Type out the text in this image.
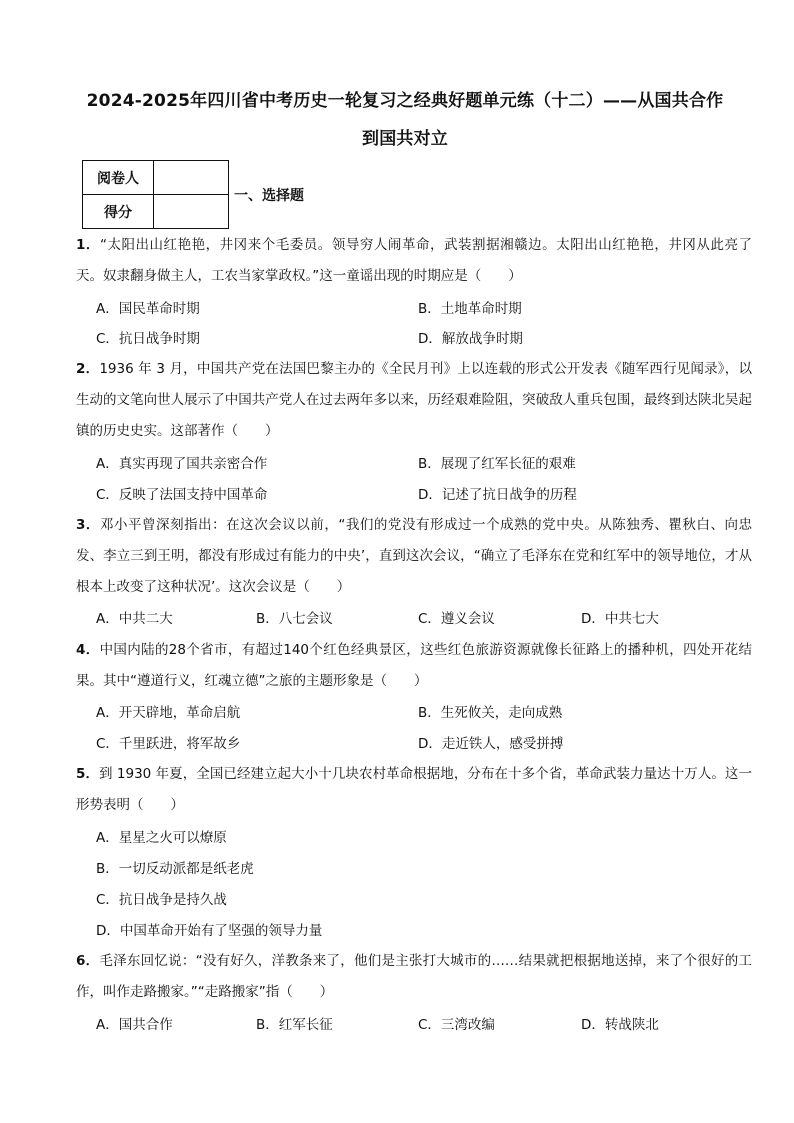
2024-2025年四川省中考历史一轮复习之经典好题单元练（十二）——从国共合作
到国共对立
阅卷人	
得分	
一、选择题
1．“太阳出山红艳艳，井冈来个毛委员。领导穷人闹革命，武装割据湘赣边。太阳出山红艳艳，井冈从此亮了天。奴隶翻身做主人，工农当家掌政权。”这一童谣出现的时期应是（　　）
A．国民革命时期	B．土地革命时期
C．抗日战争时期	D．解放战争时期
2．1936 年 3 月，中国共产党在法国巴黎主办的《全民月刊》上以连载的形式公开发表《随军西行见闻录》，以生动的文笔向世人展示了中国共产党人在过去两年多以来，历经艰难险阻，突破敌人重兵包围，最终到达陕北吴起镇的历史史实。这部著作（　　）
A．真实再现了国共亲密合作	B．展现了红军长征的艰难
C．反映了法国支持中国革命	D．记述了抗日战争的历程
3．邓小平曾深刻指出：在这次会议以前，“我们的党没有形成过一个成熟的党中央。从陈独秀、瞿秋白、向忠发、李立三到王明，都没有形成过有能力的中央’，直到这次会议，“确立了毛泽东在党和红军中的领导地位，才从根本上改变了这种状况’。这次会议是（　　）
A．中共二大	B．八七会议	C．遵义会议	D．中共七大
4．中国内陆的28个省市，有超过140个红色经典景区，这些红色旅游资源就像长征路上的播种机，四处开花结果。其中“遵道行义，红魂立德”之旅的主题形象是（　　）
A．开天辟地，革命启航	B．生死攸关，走向成熟
C．千里跃进，将军故乡	D．走近铁人，感受拼搏
5．到 1930 年夏，全国已经建立起大小十几块农村革命根据地，分布在十多个省，革命武装力量达十万人。这一形势表明（　　）
A．星星之火可以燎原
B．一切反动派都是纸老虎
C．抗日战争是持久战
D．中国革命开始有了坚强的领导力量
6．毛泽东回忆说：“没有好久，洋教条来了，他们是主张打大城市的……结果就把根据地送掉，来了个很好的工作，叫作走路搬家。”“走路搬家”指（　　）
A．国共合作	B．红军长征	C．三湾改编	D．转战陕北
